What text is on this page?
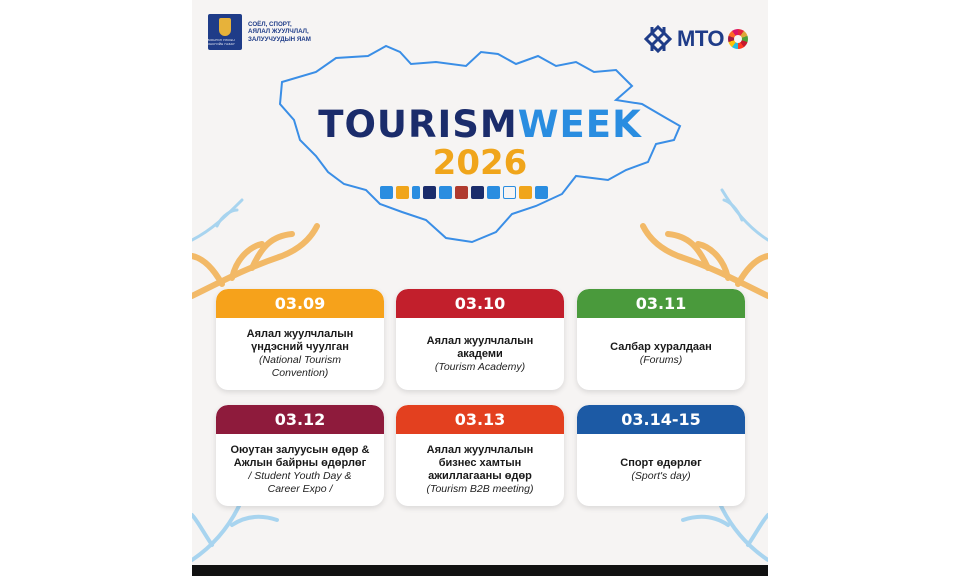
МОНГОЛ УЛСЫН ЗАСГИЙН ГАЗАР
СОЁЛ, СПОРТ,
АЯЛАЛ ЖУУЛЧЛАЛ,
ЗАЛУУЧУУДЫН ЯАМ	MTO
TOURISMWEEK
2026
03.09
Аялал жуулчлалын
үндэсний чуулган
(National Tourism
Convention)
03.10
Аялал жуулчлалын
академи
(Tourism Academy)
03.11
Салбар хуралдаан
(Forums)
03.12
Оюутан залуусын өдөр &
Ажлын байрны өдөрлөг
/ Student Youth Day &
Career Expo /
03.13
Аялал жуулчлалын
бизнес хамтын
ажиллагааны өдөр
(Tourism B2B meeting)
03.14-15
Спорт өдөрлөг
(Sport's day)
